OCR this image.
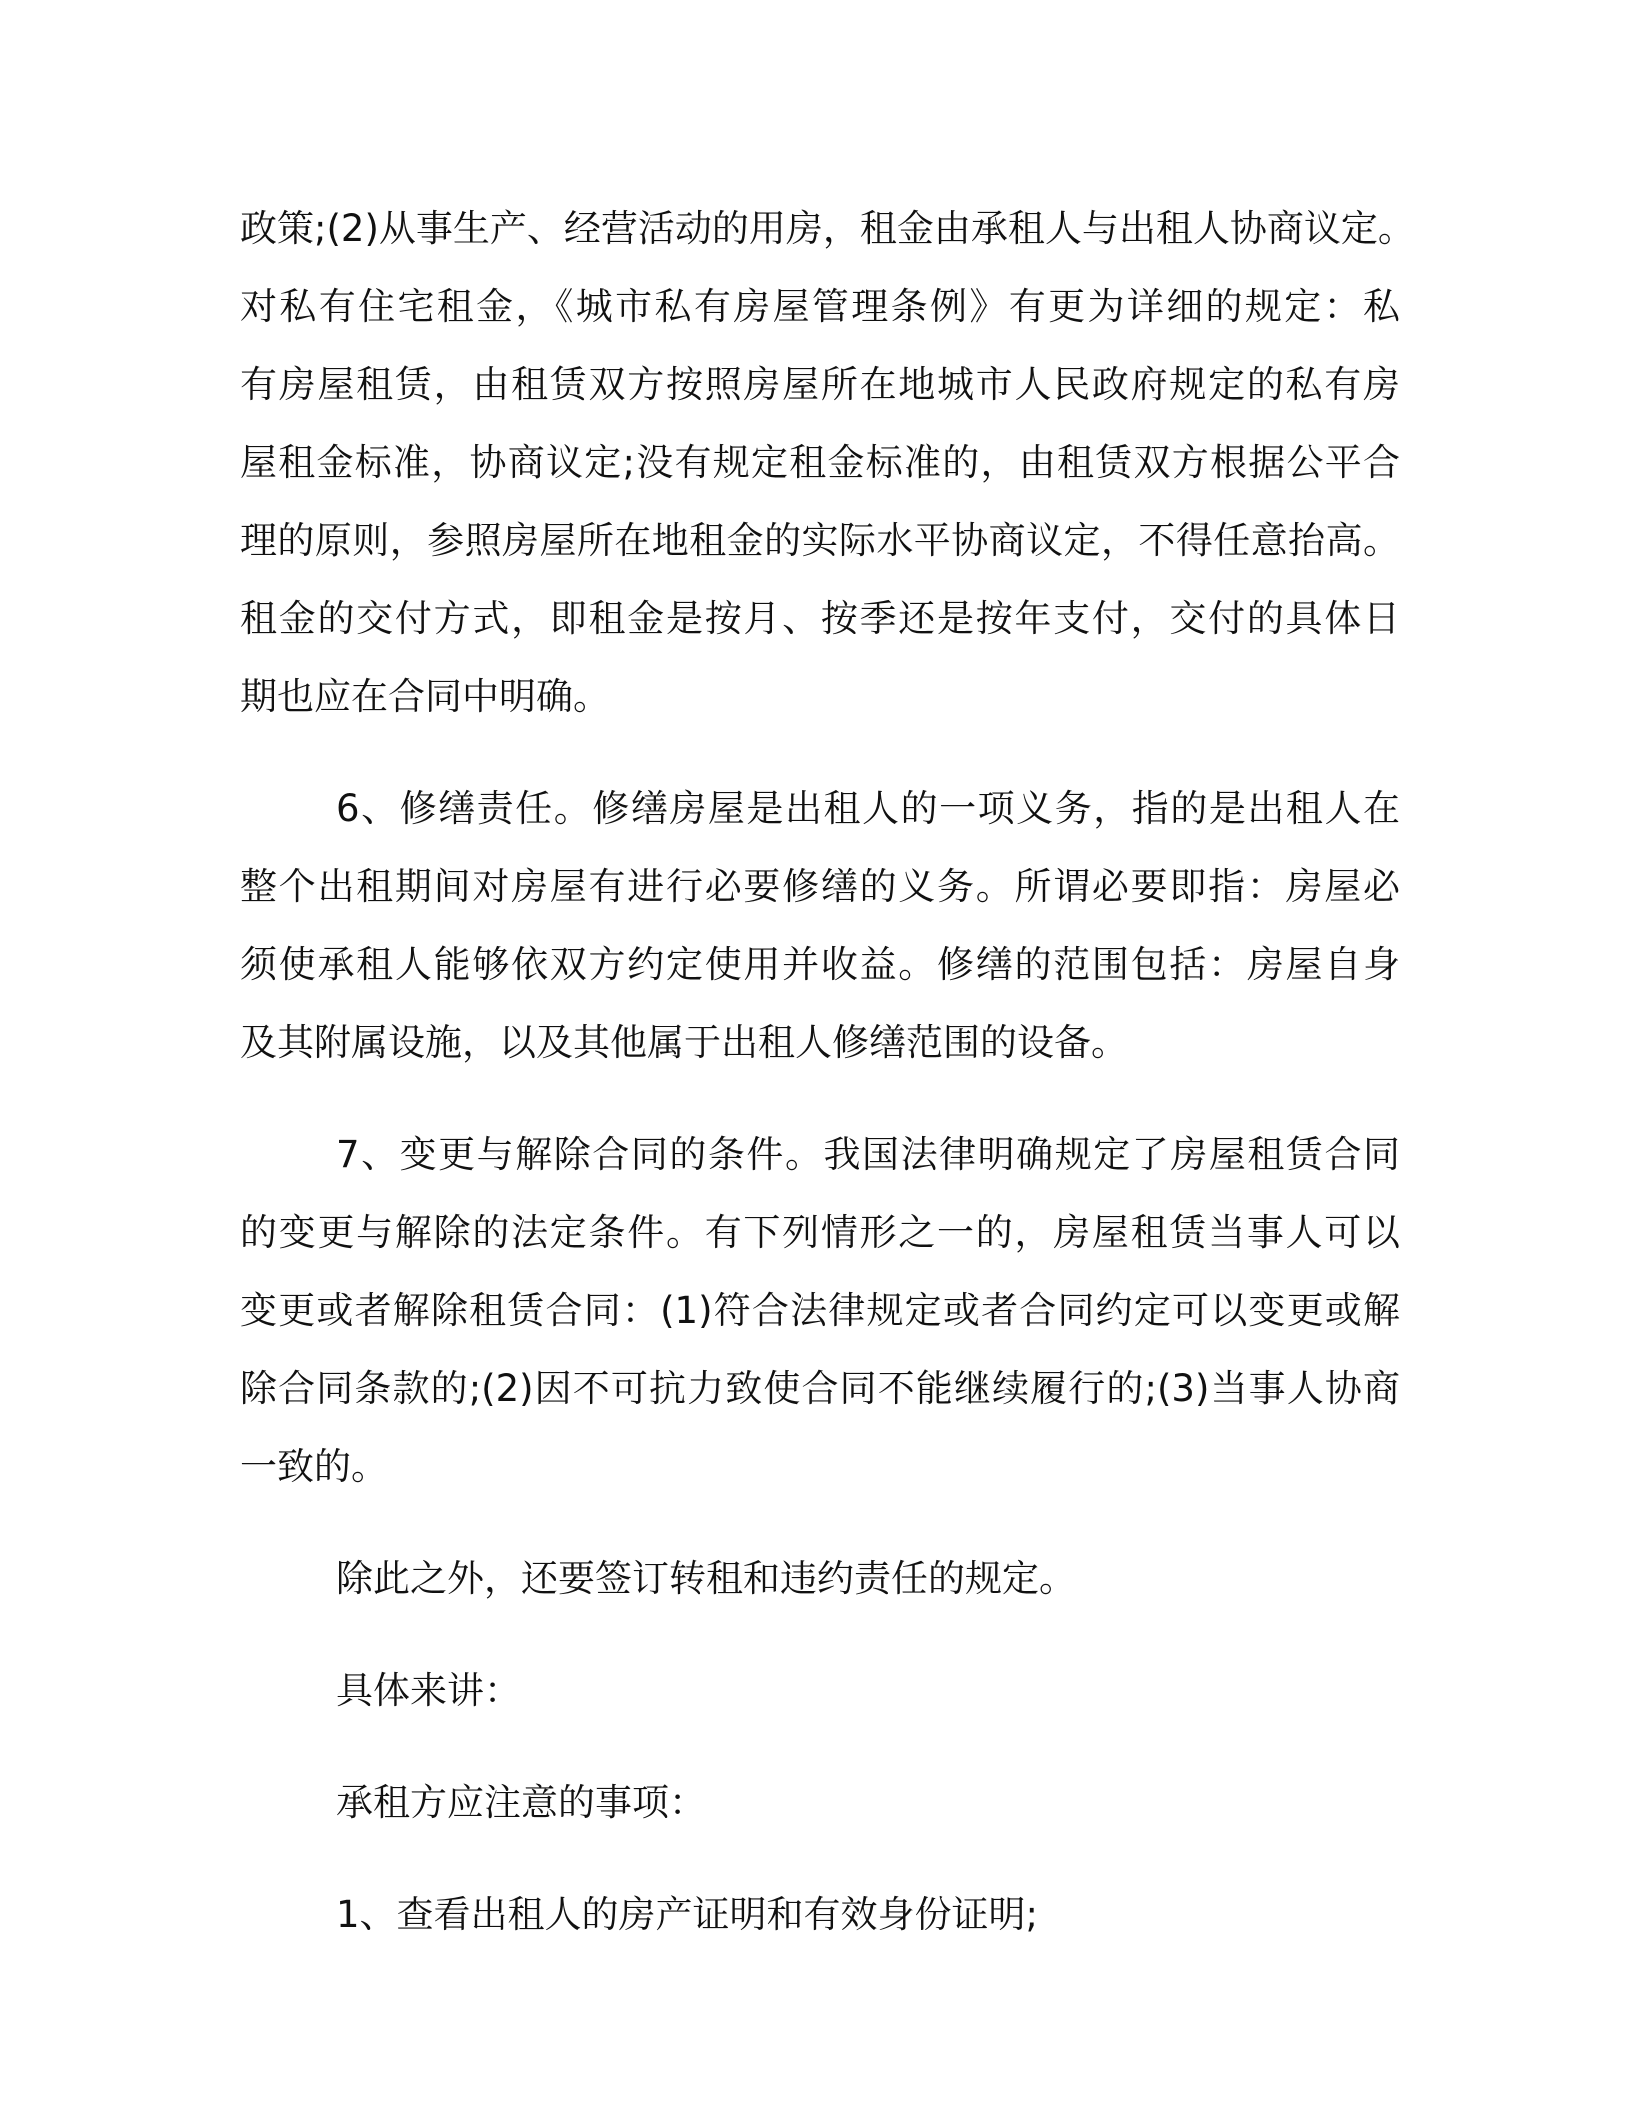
政策;(2)从事生产、经营活动的用房，租金由承租人与出租人协商议定。
对私有住宅租金，《城市私有房屋管理条例》有更为详细的规定：私
有房屋租赁，由租赁双方按照房屋所在地城市人民政府规定的私有房
屋租金标准，协商议定;没有规定租金标准的，由租赁双方根据公平合
理的原则，参照房屋所在地租金的实际水平协商议定，不得任意抬高。
租金的交付方式，即租金是按月、按季还是按年支付，交付的具体日
期也应在合同中明确。
6、修缮责任。修缮房屋是出租人的一项义务，指的是出租人在
整个出租期间对房屋有进行必要修缮的义务。所谓必要即指：房屋必
须使承租人能够依双方约定使用并收益。修缮的范围包括：房屋自身
及其附属设施，以及其他属于出租人修缮范围的设备。
7、变更与解除合同的条件。我国法律明确规定了房屋租赁合同
的变更与解除的法定条件。有下列情形之一的，房屋租赁当事人可以
变更或者解除租赁合同：(1)符合法律规定或者合同约定可以变更或解
除合同条款的;(2)因不可抗力致使合同不能继续履行的;(3)当事人协商
一致的。
除此之外，还要签订转租和违约责任的规定。
具体来讲：
承租方应注意的事项：
1、查看出租人的房产证明和有效身份证明;
